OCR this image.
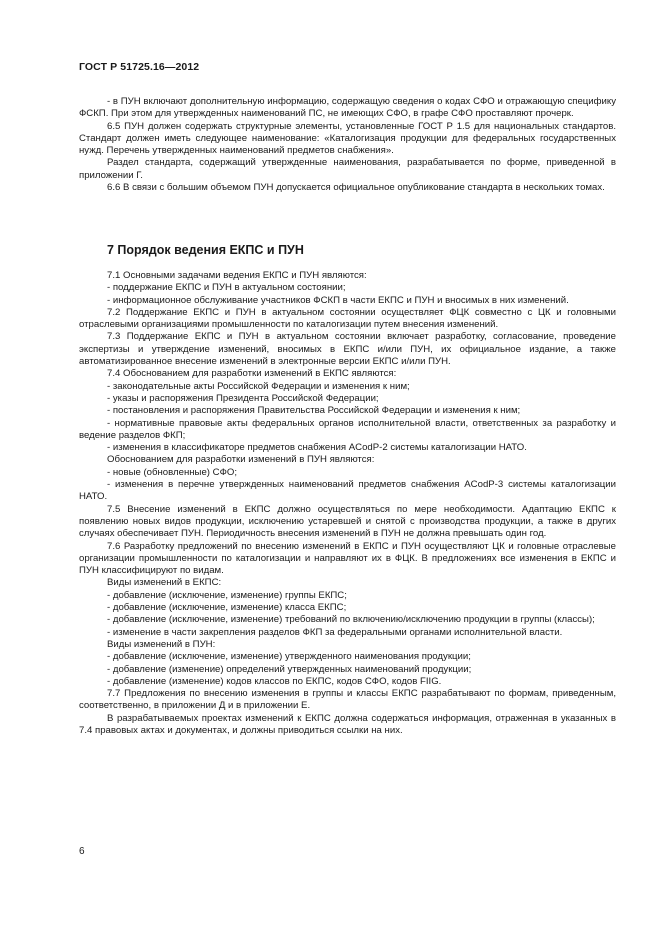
ГОСТ Р 51725.16—2012

- в ПУН включают дополнительную информацию, содержащую сведения о кодах СФО и отражающую специфику ФСКП. При этом для утвержденных наименований ПС, не имеющих СФО, в графе СФО проставляют прочерк.

6.5 ПУН должен содержать структурные элементы, установленные ГОСТ Р 1.5 для национальных стандартов. Стандарт должен иметь следующее наименование: «Каталогизация продукции для федеральных государственных нужд. Перечень утвержденных наименований предметов снабжения».

Раздел стандарта, содержащий утвержденные наименования, разрабатывается по форме, приведенной в приложении Г.

6.6 В связи с большим объемом ПУН допускается официальное опубликование стандарта в нескольких томах.

7 Порядок ведения ЕКПС и ПУН

7.1 Основными задачами ведения ЕКПС и ПУН являются:

- поддержание ЕКПС и ПУН в актуальном состоянии;

- информационное обслуживание участников ФСКП в части ЕКПС и ПУН и вносимых в них изменений.

7.2 Поддержание ЕКПС и ПУН в актуальном состоянии осуществляет ФЦК совместно с ЦК и головными отраслевыми организациями промышленности по каталогизации путем внесения изменений.

7.3 Поддержание ЕКПС и ПУН в актуальном состоянии включает разработку, согласование, проведение экспертизы и утверждение изменений, вносимых в ЕКПС и/или ПУН, их официальное издание, а также автоматизированное внесение изменений в электронные версии ЕКПС и/или ПУН.

7.4 Обоснованием для разработки изменений в ЕКПС являются:

- законодательные акты Российской Федерации и изменения к ним;

- указы и распоряжения Президента Российской Федерации;

- постановления и распоряжения Правительства Российской Федерации и изменения к ним;

- нормативные правовые акты федеральных органов исполнительной власти, ответственных за разработку и ведение разделов ФКП;

- изменения в классификаторе предметов снабжения ACodP-2 системы каталогизации НАТО.

Обоснованием для разработки изменений в ПУН являются:

- новые (обновленные) СФО;

- изменения в перечне утвержденных наименований предметов снабжения ACodP-3 системы каталогизации НАТО.

7.5 Внесение изменений в ЕКПС должно осуществляться по мере необходимости. Адаптацию ЕКПС к появлению новых видов продукции, исключению устаревшей и снятой с производства продукции, а также в других случаях обеспечивает ПУН. Периодичность внесения изменений в ПУН не должна превышать один год.

7.6 Разработку предложений по внесению изменений в ЕКПС и ПУН осуществляют ЦК и головные отраслевые организации промышленности по каталогизации и направляют их в ФЦК. В предложениях все изменения в ЕКПС и ПУН классифицируют по видам.

Виды изменений в ЕКПС:

- добавление (исключение, изменение) группы ЕКПС;

- добавление (исключение, изменение) класса ЕКПС;

- добавление (исключение, изменение) требований по включению/исключению продукции в группы (классы);

- изменение в части закрепления разделов ФКП за федеральными органами исполнительной власти.

Виды изменений в ПУН:

- добавление (исключение, изменение) утвержденного наименования продукции;

- добавление (изменение) определений утвержденных наименований продукции;

- добавление (изменение) кодов классов по ЕКПС, кодов СФО, кодов FIIG.

7.7 Предложения по внесению изменения в группы и классы ЕКПС разрабатывают по формам, приведенным, соответственно, в приложении Д и в приложении Е.

В разрабатываемых проектах изменений к ЕКПС должна содержаться информация, отраженная в указанных в 7.4 правовых актах и документах, и должны приводиться ссылки на них.

6
